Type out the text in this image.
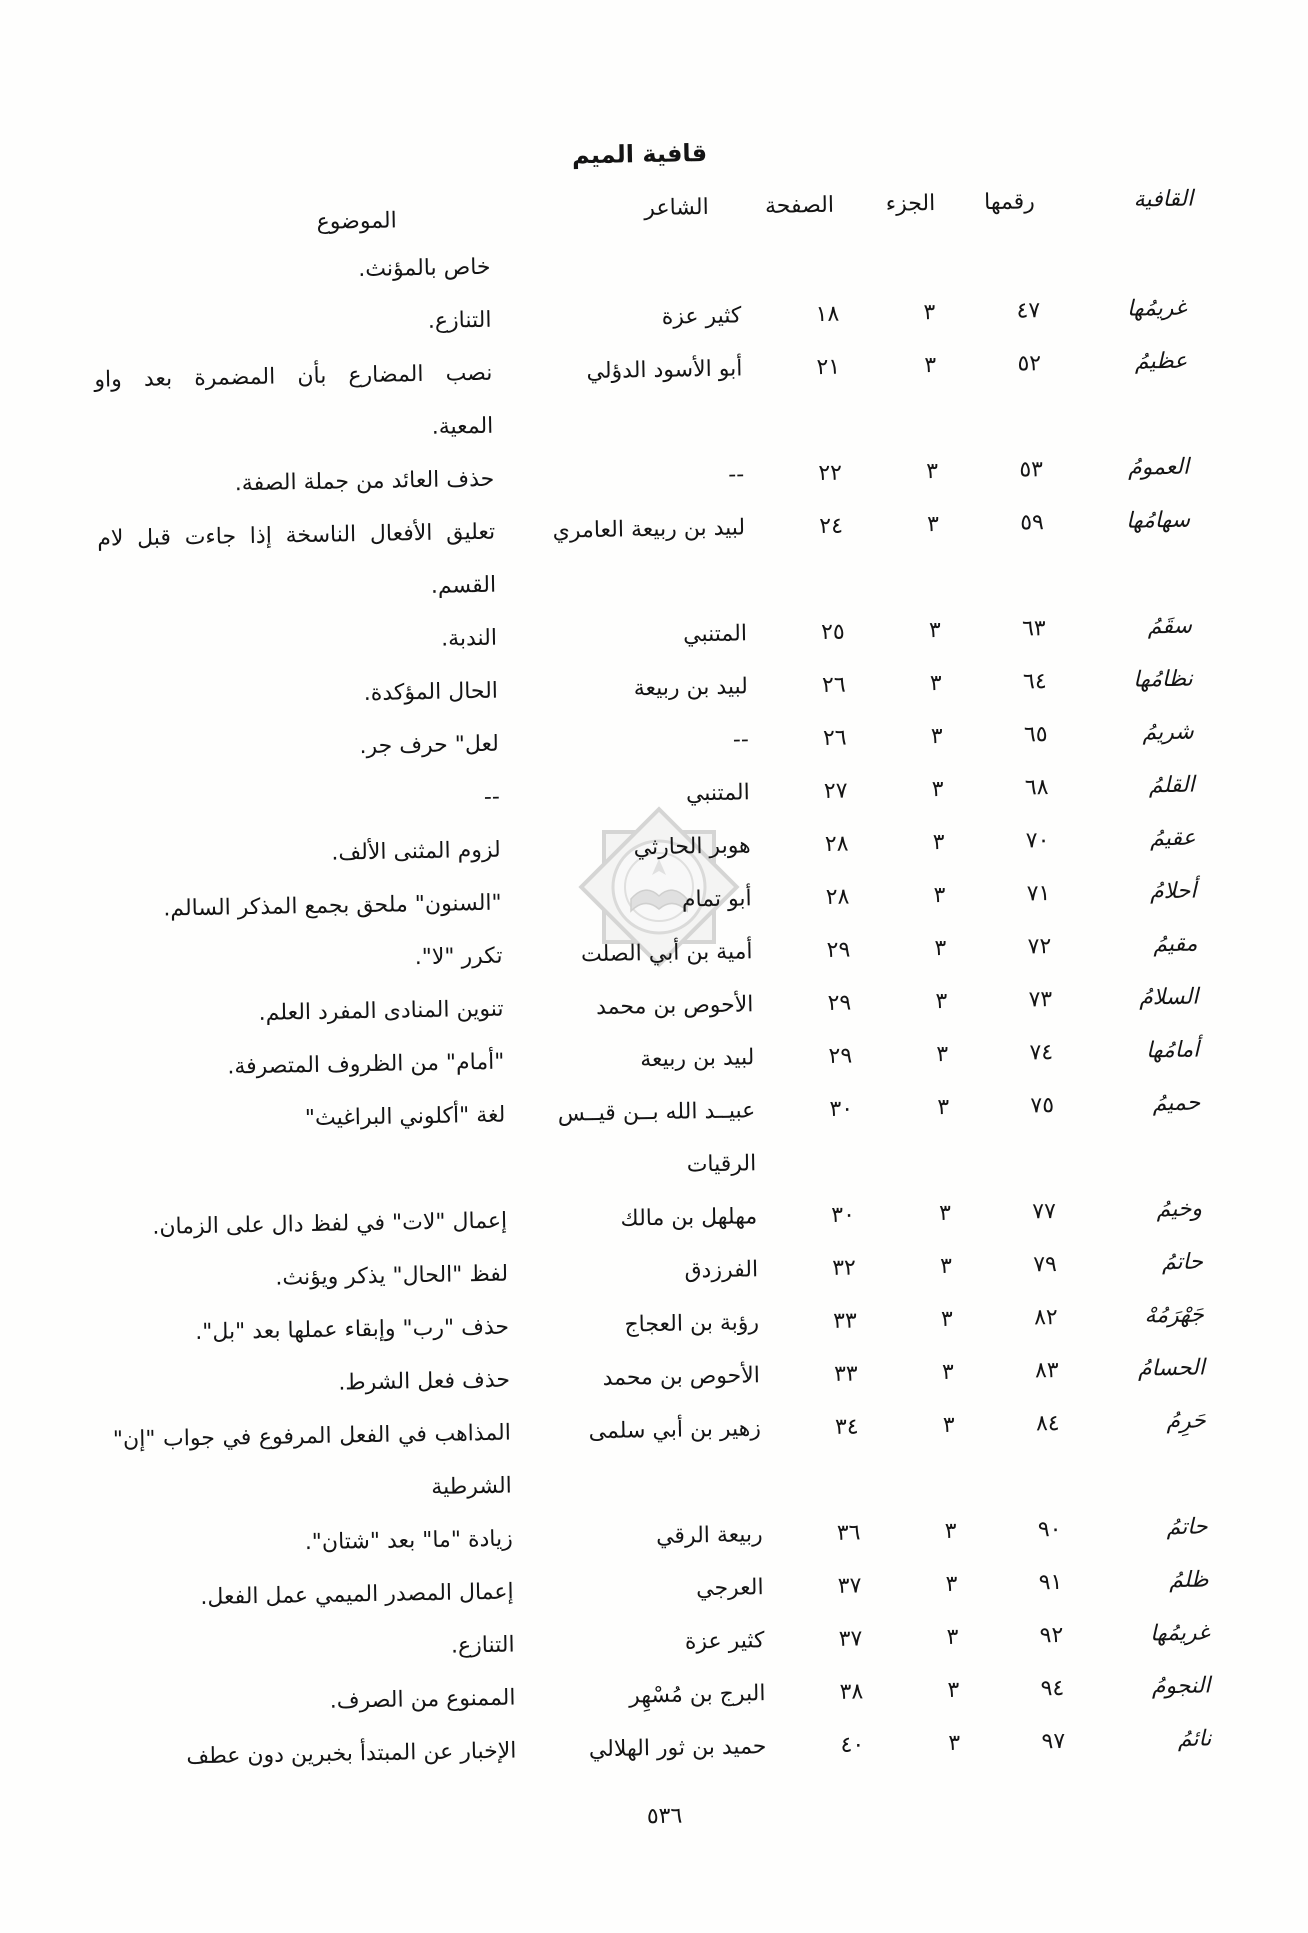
قافية الميم
القافية
رقمها
الجزء
الصفحة
الشاعر
الموضوع
خاص بالمؤنث.
غريمُها
٤٧
٣
١٨
كثير عزة
التنازع.
عظيمُ
٥٢
٣
٢١
أبو الأسود الدؤلي
نصب المضارع بأن المضمرة بعد واو
المعية.
العمومُ
٥٣
٣
٢٢
--
حذف العائد من جملة الصفة.
سهامُها
٥٩
٣
٢٤
لبيد بن ربيعة العامري
تعليق الأفعال الناسخة إذا جاءت قبل لام
القسم.
سقَمُ
٦٣
٣
٢٥
المتنبي
الندبة.
نظامُها
٦٤
٣
٢٦
لبيد بن ربيعة
الحال المؤكدة.
شريمُ
٦٥
٣
٢٦
--
لعل" حرف جر.
القلمُ
٦٨
٣
٢٧
المتنبي
--
عقيمُ
٧٠
٣
٢٨
هوبر الحارثي
لزوم المثنى الألف.
أحلامُ
٧١
٣
٢٨
أبو تمام
"السنون" ملحق بجمع المذكر السالم.
مقيمُ
٧٢
٣
٢٩
أمية بن أبي الصلت
تكرر "لا".
السلامُ
٧٣
٣
٢٩
الأحوص بن محمد
تنوين المنادى المفرد العلم.
أمامُها
٧٤
٣
٢٩
لبيد بن ربيعة
"أمام" من الظروف المتصرفة.
حميمُ
٧٥
٣
٣٠
عبيــد الله بــن قيــس
الرقيات
لغة "أكلوني البراغيث"
وخيمُ
٧٧
٣
٣٠
مهلهل بن مالك
إعمال "لات" في لفظ دال على الزمان.
حاتمُ
٧٩
٣
٣٢
الفرزدق
لفظ "الحال" يذكر ويؤنث.
جَهْرَمُهْ
٨٢
٣
٣٣
رؤبة بن العجاج
حذف "رب" وإبقاء عملها بعد "بل".
الحسامُ
٨٣
٣
٣٣
الأحوص بن محمد
حذف فعل الشرط.
حَرِمُ
٨٤
٣
٣٤
زهير بن أبي سلمى
المذاهب في الفعل المرفوع في جواب "إن"
الشرطية
حاتمُ
٩٠
٣
٣٦
ربيعة الرقي
زيادة "ما" بعد "شتان".
ظلمُ
٩١
٣
٣٧
العرجي
إعمال المصدر الميمي عمل الفعل.
غريمُها
٩٢
٣
٣٧
كثير عزة
التنازع.
النجومُ
٩٤
٣
٣٨
البرج بن مُسْهِر
الممنوع من الصرف.
نائمُ
٩٧
٣
٤٠
حميد بن ثور الهلالي
الإخبار عن المبتدأ بخبرين دون عطف
٥٣٦
